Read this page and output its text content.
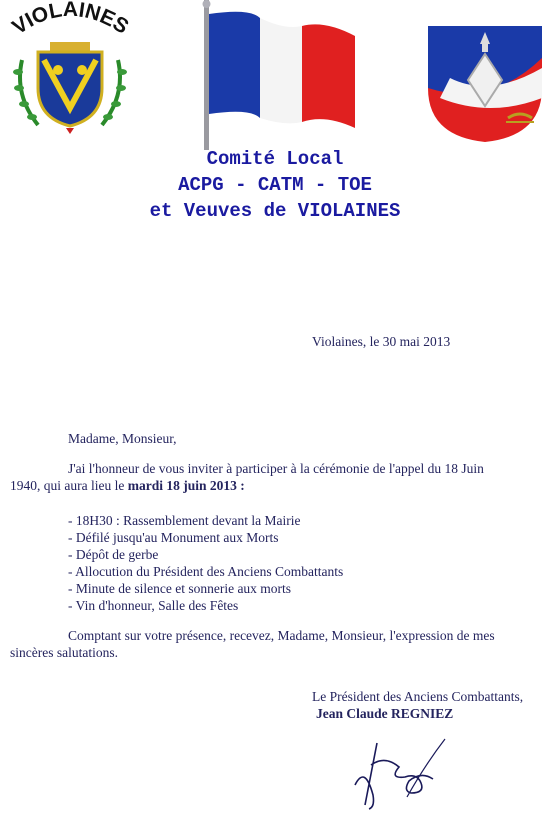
VIOLAINES
Comité Local
ACPG - CATM - TOE
et Veuves de VIOLAINES
Violaines, le 30 mai 2013
Madame, Monsieur,
J'ai l'honneur de vous inviter à participer à la cérémonie de l'appel du 18 Juin
1940, qui aura lieu le mardi 18 juin 2013 :
- 18H30 : Rassemblement devant la Mairie
- Défilé jusqu'au Monument aux Morts
- Dépôt de gerbe
- Allocution du Président des Anciens Combattants
- Minute de silence et sonnerie aux morts
- Vin d'honneur, Salle des Fêtes
Comptant sur votre présence, recevez, Madame, Monsieur, l'expression de mes
sincères salutations.
Le Président des Anciens Combattants,
Jean Claude REGNIEZ
